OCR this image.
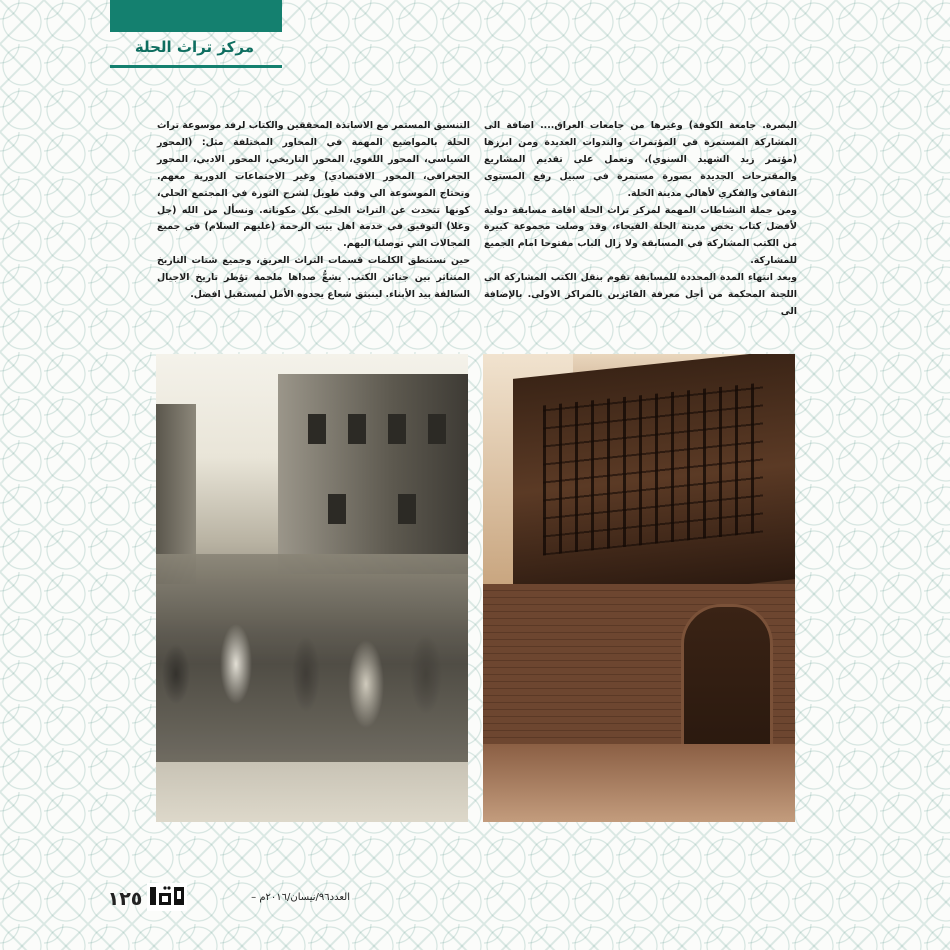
مركز تراث الحلة

البصرة. جامعة الكوفة) وغيرها من جامعات العراق.... اضافة الى المشاركة المستمرة في المؤتمرات والندوات العديدة ومن ابرزها (مؤتمر زيد الشهيد السنوي)، وتعمل على تقديم المشاريع والمقترحات الجديدة بصورة مستمرة في سبيل رفع المستوى الثقافي والفكري لأهالي مدينة الحلة.

ومن جملة النشاطات المهمة لمركز تراث الحلة اقامة مسابقة دولية لأفضل كتاب يخص مدينة الحلة الفيحاء، وقد وصلت مجموعة كبيرة من الكتب المشاركة في المسابقة ولا زال الباب مفتوحا امام الجميع للمشاركة.

وبعد انتهاء المدة المحددة للمسابقة تقوم بنقل الكتب المشاركة الى اللجنة المحكمة من أجل معرفة الفائزين بالمراكز الاولى. بالإضافة الى

التنسيق المستمر مع الاساتذة المحققين والكتاب لرفد موسوعة تراث الحلة بالمواضيع المهمة في المحاور المختلفة مثل: (المحور السياسي، المحور اللغوي، المحور التاريخي، المحور الادبي، المحور الجغرافي، المحور الاقتصادي) وغير الاجتماعات الدورية معهم. وتحتاج الموسوعة الى وقت طويل لشرح الثورة في المجتمع الحلي، كونها تتحدث عن التراث الحلي بكل مكوناته. ونسأل من الله (جل وعلا) التوفيق في خدمة اهل بيت الرحمة (عليهم السلام) في جميع المجالات التي توصلنا اليهم.

حين نستنطق الكلمات قسمات التراث العريق، وجميع شتات التاريخ المتناثر بين جنائن الكتب. يشعُّ صداها ملحمة تؤطر تاريخ الاجيال السالفة بيد الأبناء. لينبثق شعاع يحدوه الأمل لمستقبل افضل.

١٢٥	العدد٩٦/نيسان/٢٠١٦م –
